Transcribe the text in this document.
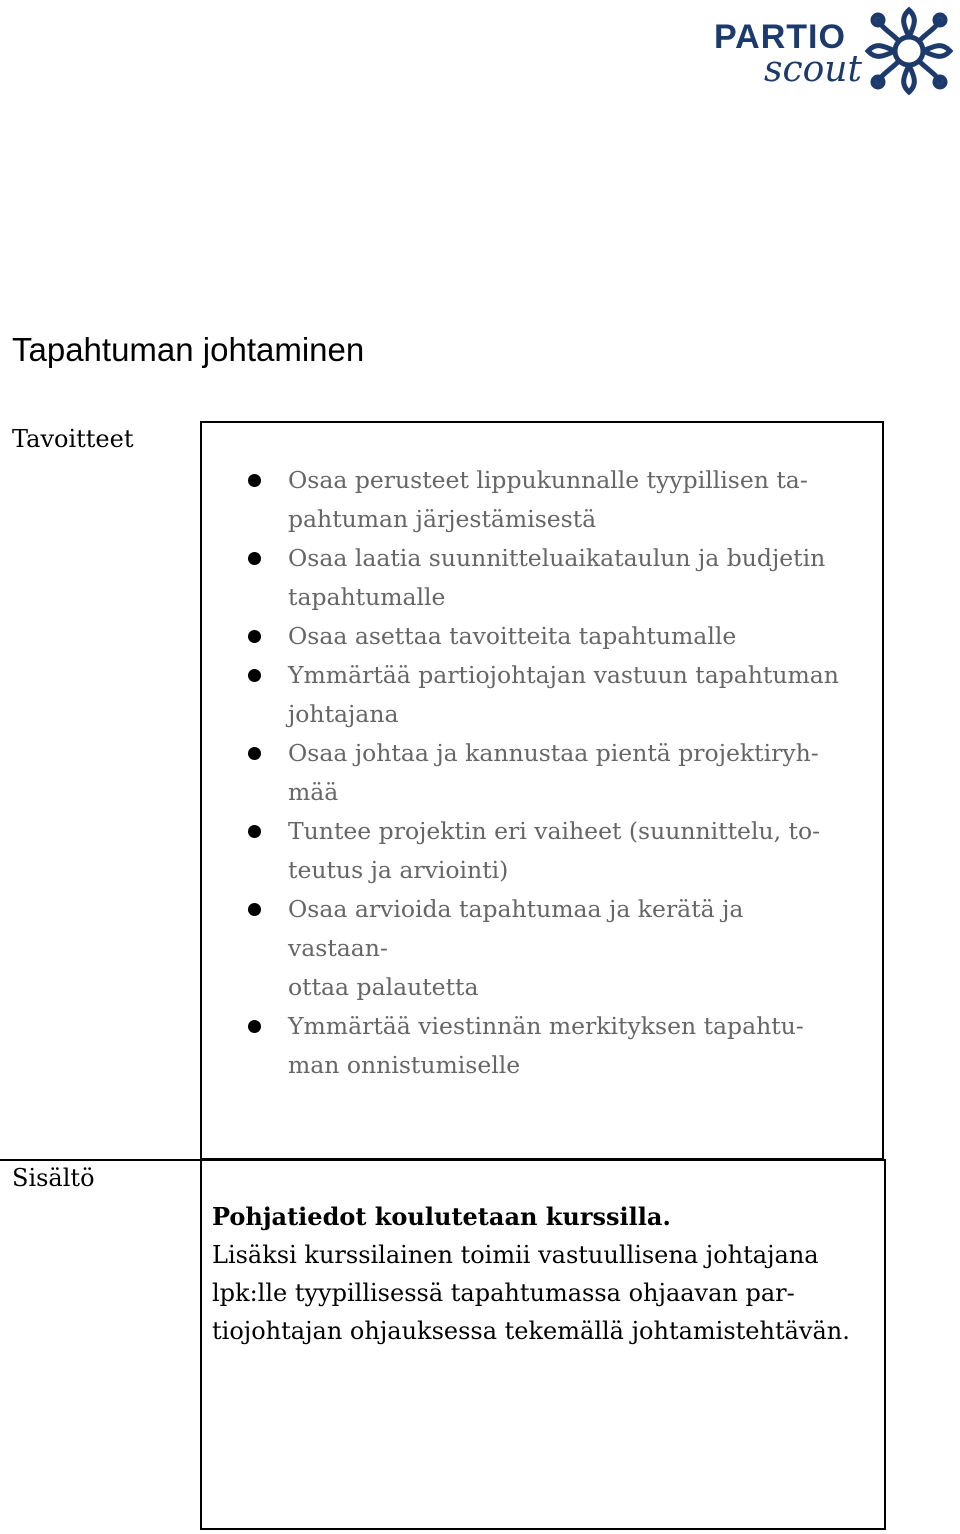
PARTIO
scout
Tapahtuman johtaminen
Tavoitteet
Osaa perusteet lippukunnalle tyypillisen ta-
pahtuman järjestämisestä
Osaa laatia suunnitteluaikataulun ja budjetin
tapahtumalle
Osaa asettaa tavoitteita tapahtumalle
Ymmärtää partiojohtajan vastuun tapahtuman
johtajana
Osaa johtaa ja kannustaa pientä projektiryh-
mää
Tuntee projektin eri vaiheet (suunnittelu, to-
teutus ja arviointi)
Osaa arvioida tapahtumaa ja kerätä ja vastaan-
ottaa palautetta
Ymmärtää viestinnän merkityksen tapahtu-
man onnistumiselle
Sisältö
Pohjatiedot koulutetaan kurssilla.
Lisäksi kurssilainen toimii vastuullisena johtajana
lpk:lle tyypillisessä tapahtumassa ohjaavan par-
tiojohtajan ohjauksessa tekemällä johtamistehtävän.
